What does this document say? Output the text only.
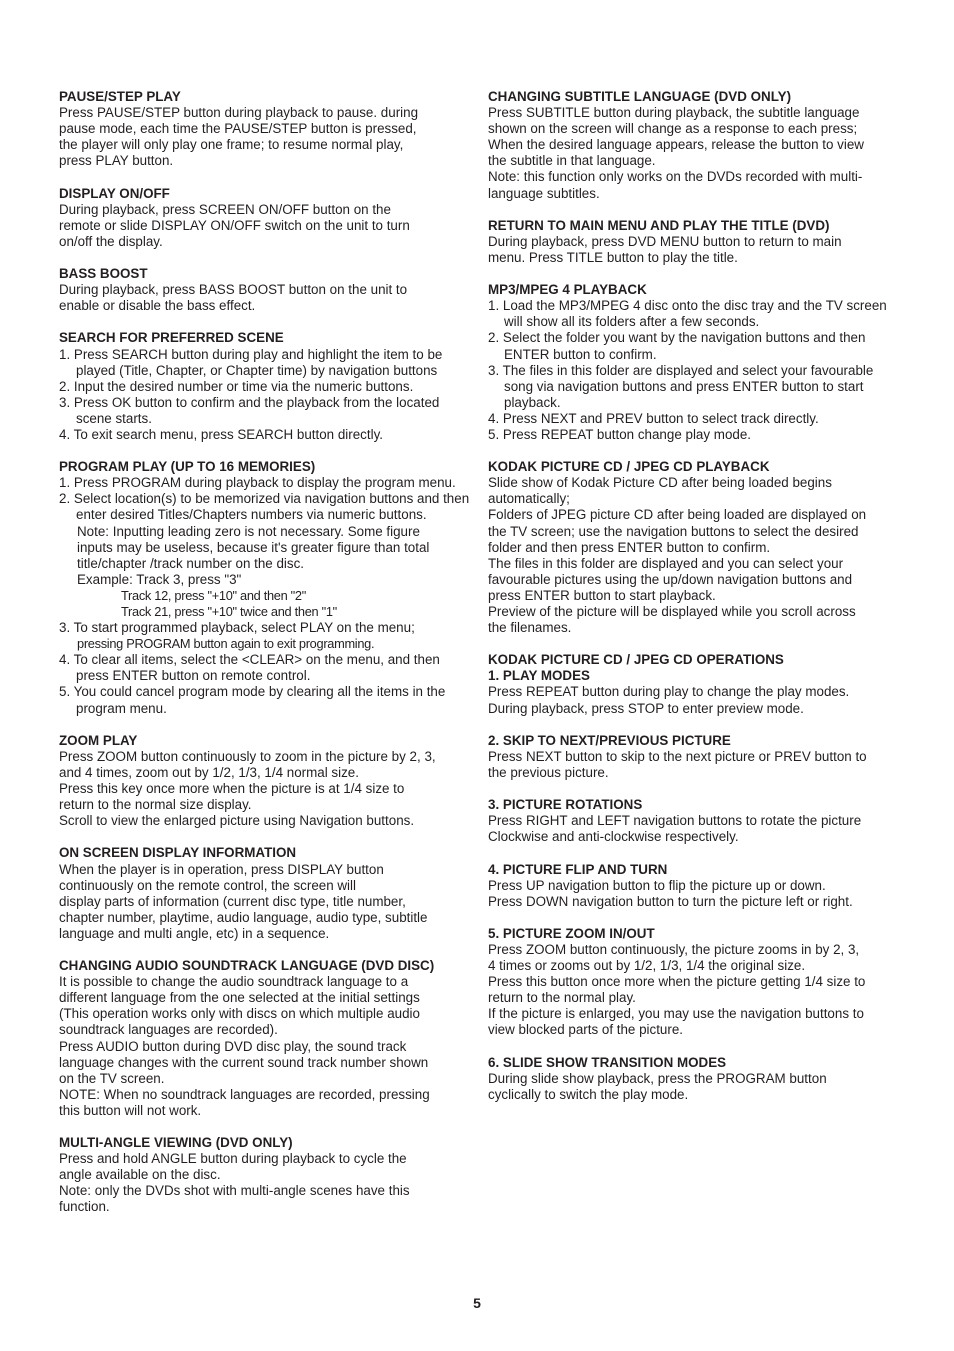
PAUSE/STEP PLAY
Press PAUSE/STEP button during playback to pause. during
pause mode, each time the PAUSE/STEP button is pressed,
the player will only play one frame; to resume normal play,
press PLAY button.
DISPLAY ON/OFF
During playback, press SCREEN ON/OFF button on the
remote or slide DISPLAY ON/OFF switch on the unit to turn
on/off the display.
BASS BOOST
During playback, press BASS BOOST button on the unit to
enable or disable the bass effect.
SEARCH FOR PREFERRED SCENE
1. Press SEARCH button during play and highlight the item to be played (Title, Chapter, or Chapter time) by navigation buttons
2. Input the desired number or time via the numeric buttons.
3. Press OK button to confirm and the playback from the located scene starts.
4. To exit search menu, press SEARCH button directly.
PROGRAM PLAY (UP TO 16 MEMORIES)
1. Press PROGRAM during playback to display the program menu.
2. Select location(s) to be memorized via navigation buttons and then enter desired Titles/Chapters numbers via numeric buttons.
Note: Inputting leading zero is not necessary. Some figure
inputs may be useless, because it's greater figure than total
title/chapter /track number on the disc.
Example: Track 3, press "3"
Track 12, press "+10" and then "2"
Track 21, press "+10" twice and then "1"
3. To start programmed playback, select PLAY on the menu;
pressing PROGRAM button again to exit programming.
4. To clear all items, select the <CLEAR> on the menu, and then press ENTER button on remote control.
5. You could cancel program mode by clearing all the items in the program menu.
ZOOM PLAY
Press ZOOM button continuously to zoom in the picture by 2, 3,
and 4 times, zoom out by 1/2, 1/3, 1/4 normal size.
Press this key once more when the picture is at 1/4 size to
return to the normal size display.
Scroll to view the enlarged picture using Navigation buttons.
ON SCREEN DISPLAY INFORMATION
When the player is in operation, press DISPLAY button
continuously on the remote control, the screen will
display parts of information (current disc type, title number,
chapter number, playtime, audio language, audio type, subtitle
language and multi angle, etc) in a sequence.
CHANGING AUDIO SOUNDTRACK LANGUAGE (DVD DISC)
It is possible to change the audio soundtrack language to a
different language from the one selected at the initial settings
(This operation works only with discs on which multiple audio
soundtrack languages are recorded).
Press AUDIO button during DVD disc play, the sound track
language changes with the current sound track number shown
on the TV screen.
NOTE: When no soundtrack languages are recorded, pressing
this button will not work.
MULTI-ANGLE VIEWING (DVD ONLY)
Press and hold ANGLE button during playback to cycle the
angle available on the disc.
Note: only the DVDs shot with multi-angle scenes have this
function.
CHANGING SUBTITLE LANGUAGE (DVD ONLY)
Press SUBTITLE button during playback, the subtitle language
shown on the screen will change as a response to each press;
When the desired language appears, release the button to view
the subtitle in that language.
Note: this function only works on the DVDs recorded with multi-
language subtitles.
RETURN TO MAIN MENU AND PLAY THE TITLE (DVD)
During playback, press DVD MENU button to return to main
menu. Press TITLE button to play the title.
MP3/MPEG 4 PLAYBACK
1. Load the MP3/MPEG 4 disc onto the disc tray and the TV screen will show all its folders after a few seconds.
2. Select the folder you want by the navigation buttons and then ENTER button to confirm.
3. The files in this folder are displayed and select your favourable song via navigation buttons and press ENTER button to start playback.
4. Press NEXT and PREV button to select track directly.
5. Press REPEAT button change play mode.
KODAK PICTURE CD / JPEG CD PLAYBACK
Slide show of Kodak Picture CD after being loaded begins
automatically;
Folders of JPEG picture CD after being loaded are displayed on
the TV screen; use the navigation buttons to select the desired
folder and then press ENTER button to confirm.
The files in this folder are displayed and you can select your
favourable pictures using the up/down navigation buttons and
press ENTER button to start playback.
Preview of the picture will be displayed while you scroll across
the filenames.
KODAK PICTURE CD / JPEG CD OPERATIONS
1. PLAY MODES
Press REPEAT button during play to change the play modes.
During playback, press STOP to enter preview mode.
2. SKIP TO NEXT/PREVIOUS PICTURE
Press NEXT button to skip to the next picture or PREV button to
the previous picture.
3. PICTURE ROTATIONS
Press RIGHT and LEFT navigation buttons to rotate the picture
Clockwise and anti-clockwise respectively.
4. PICTURE FLIP AND TURN
Press UP navigation button to flip the picture up or down.
Press DOWN navigation button to turn the picture left or right.
5. PICTURE ZOOM IN/OUT
Press ZOOM button continuously, the picture zooms in by 2, 3,
4 times or zooms out by 1/2, 1/3, 1/4 the original size.
Press this button once more when the picture getting 1/4 size to
return to the normal play.
If the picture is enlarged, you may use the navigation buttons to
view blocked parts of the picture.
6. SLIDE SHOW TRANSITION MODES
During slide show playback, press the PROGRAM button
cyclically to switch the play mode.
5
